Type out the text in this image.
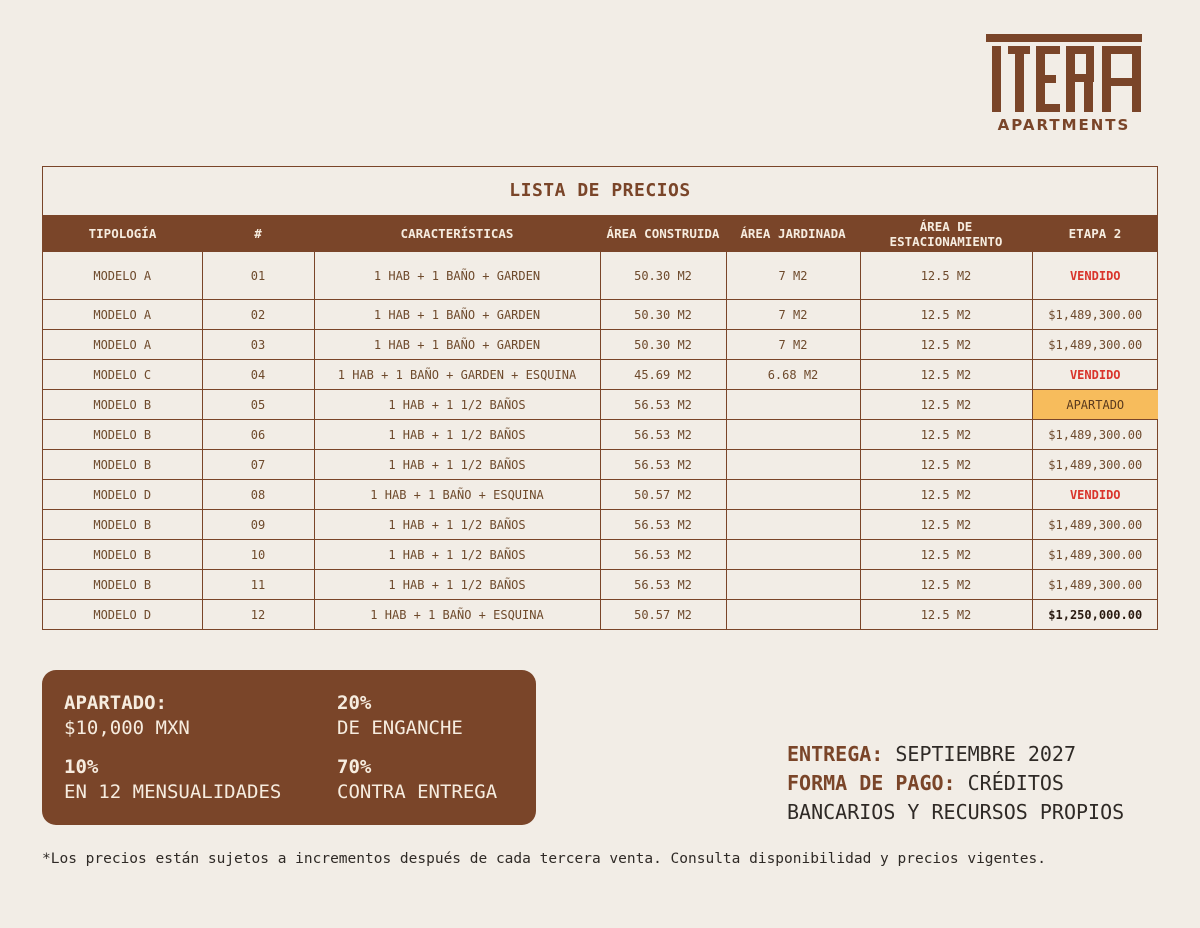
APARTMENTS
LISTA DE PRECIOS
TIPOLOGÍA	#	CARACTERÍSTICAS	ÁREA CONSTRUIDA	ÁREA JARDINADA	ÁREA DE ESTACIONAMIENTO	ETAPA 2
MODELO A	01	1 HAB + 1 BAÑO + GARDEN	50.30 M2	7 M2	12.5 M2	VENDIDO
MODELO A	02	1 HAB + 1 BAÑO + GARDEN	50.30 M2	7 M2	12.5 M2	$1,489,300.00
MODELO A	03	1 HAB + 1 BAÑO + GARDEN	50.30 M2	7 M2	12.5 M2	$1,489,300.00
MODELO C	04	1 HAB + 1 BAÑO + GARDEN + ESQUINA	45.69 M2	6.68 M2	12.5 M2	VENDIDO
MODELO B	05	1 HAB + 1 1/2 BAÑOS	56.53 M2		12.5 M2	APARTADO
MODELO B	06	1 HAB + 1 1/2 BAÑOS	56.53 M2		12.5 M2	$1,489,300.00
MODELO B	07	1 HAB + 1 1/2 BAÑOS	56.53 M2		12.5 M2	$1,489,300.00
MODELO D	08	1 HAB + 1 BAÑO + ESQUINA	50.57 M2		12.5 M2	VENDIDO
MODELO B	09	1 HAB + 1 1/2 BAÑOS	56.53 M2		12.5 M2	$1,489,300.00
MODELO B	10	1 HAB + 1 1/2 BAÑOS	56.53 M2		12.5 M2	$1,489,300.00
MODELO B	11	1 HAB + 1 1/2 BAÑOS	56.53 M2		12.5 M2	$1,489,300.00
MODELO D	12	1 HAB + 1 BAÑO + ESQUINA	50.57 M2		12.5 M2	$1,250,000.00
APARTADO:
$10,000 MXN
20%
DE ENGANCHE
10%
EN 12 MENSUALIDADES
70%
CONTRA ENTREGA
ENTREGA: SEPTIEMBRE 2027
FORMA DE PAGO: CRÉDITOS
BANCARIOS Y RECURSOS PROPIOS
*Los precios están sujetos a incrementos después de cada tercera venta. Consulta disponibilidad y precios vigentes.
